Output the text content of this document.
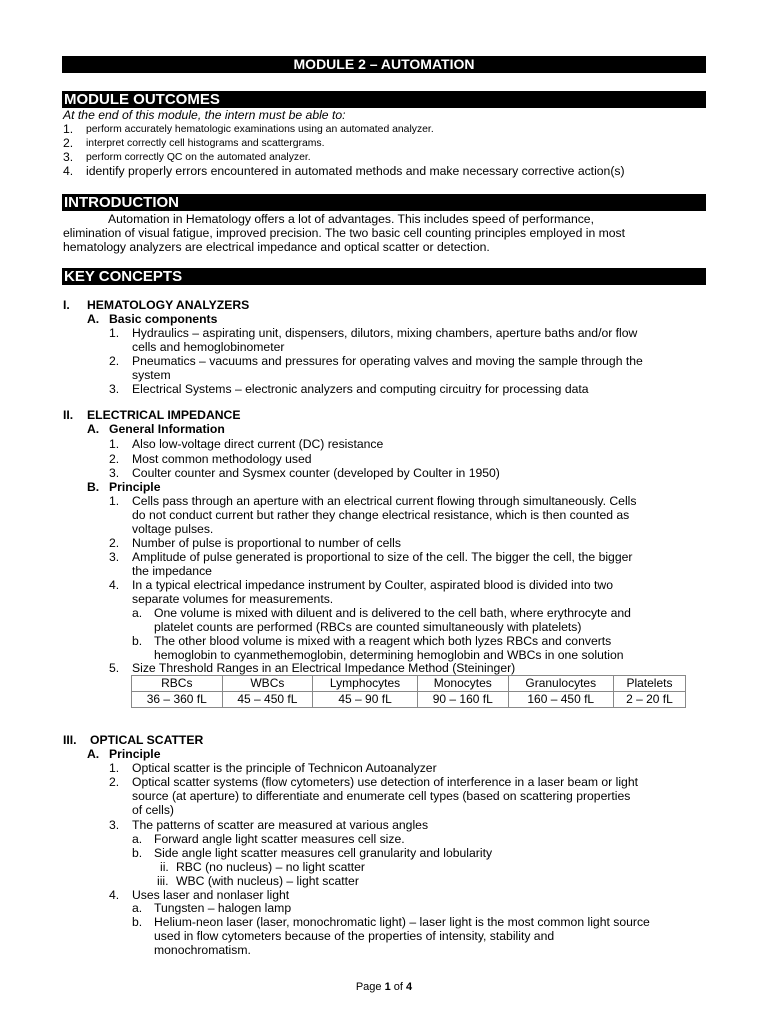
MODULE 2 – AUTOMATION
MODULE OUTCOMES
At the end of this module, the intern must be able to:
1. perform accurately hematologic examinations using an automated analyzer.
2. interpret correctly cell histograms and scattergrams.
3. perform correctly QC on the automated analyzer.
4. identify properly errors encountered in automated methods and make necessary corrective action(s)
INTRODUCTION
Automation in Hematology offers a lot of advantages. This includes speed of performance,
elimination of visual fatigue, improved precision. The two basic cell counting principles employed in most
hematology analyzers are electrical impedance and optical scatter or detection.
KEY CONCEPTS
I. HEMATOLOGY ANALYZERS
A. Basic components
1. Hydraulics – aspirating unit, dispensers, dilutors, mixing chambers, aperture baths and/or flow
cells and hemoglobinometer
2. Pneumatics – vacuums and pressures for operating valves and moving the sample through the
system
3. Electrical Systems – electronic analyzers and computing circuitry for processing data
II. ELECTRICAL IMPEDANCE
A. General Information
1. Also low-voltage direct current (DC) resistance
2. Most common methodology used
3. Coulter counter and Sysmex counter (developed by Coulter in 1950)
B. Principle
1. Cells pass through an aperture with an electrical current flowing through simultaneously. Cells
do not conduct current but rather they change electrical resistance, which is then counted as
voltage pulses.
2. Number of pulse is proportional to number of cells
3. Amplitude of pulse generated is proportional to size of the cell. The bigger the cell, the bigger
the impedance
4. In a typical electrical impedance instrument by Coulter, aspirated blood is divided into two
separate volumes for measurements.
a. One volume is mixed with diluent and is delivered to the cell bath, where erythrocyte and
platelet counts are performed (RBCs are counted simultaneously with platelets)
b. The other blood volume is mixed with a reagent which both lyzes RBCs and converts
hemoglobin to cyanmethemoglobin, determining hemoglobin and WBCs in one solution
5. Size Threshold Ranges in an Electrical Impedance Method (Steininger)
RBCs	WBCs	Lymphocytes	Monocytes	Granulocytes	Platelets
36 – 360 fL	45 – 450 fL	45 – 90 fL	90 – 160 fL	160 – 450 fL	2 – 20 fL
III. OPTICAL SCATTER
A. Principle
1. Optical scatter is the principle of Technicon Autoanalyzer
2. Optical scatter systems (flow cytometers) use detection of interference in a laser beam or light
source (at aperture) to differentiate and enumerate cell types (based on scattering properties
of cells)
3. The patterns of scatter are measured at various angles
a. Forward angle light scatter measures cell size.
b. Side angle light scatter measures cell granularity and lobularity
ii. RBC (no nucleus) – no light scatter
iii. WBC (with nucleus) – light scatter
4. Uses laser and nonlaser light
a. Tungsten – halogen lamp
b. Helium-neon laser (laser, monochromatic light) – laser light is the most common light source
used in flow cytometers because of the properties of intensity, stability and
monochromatism.
Page 1 of 4
